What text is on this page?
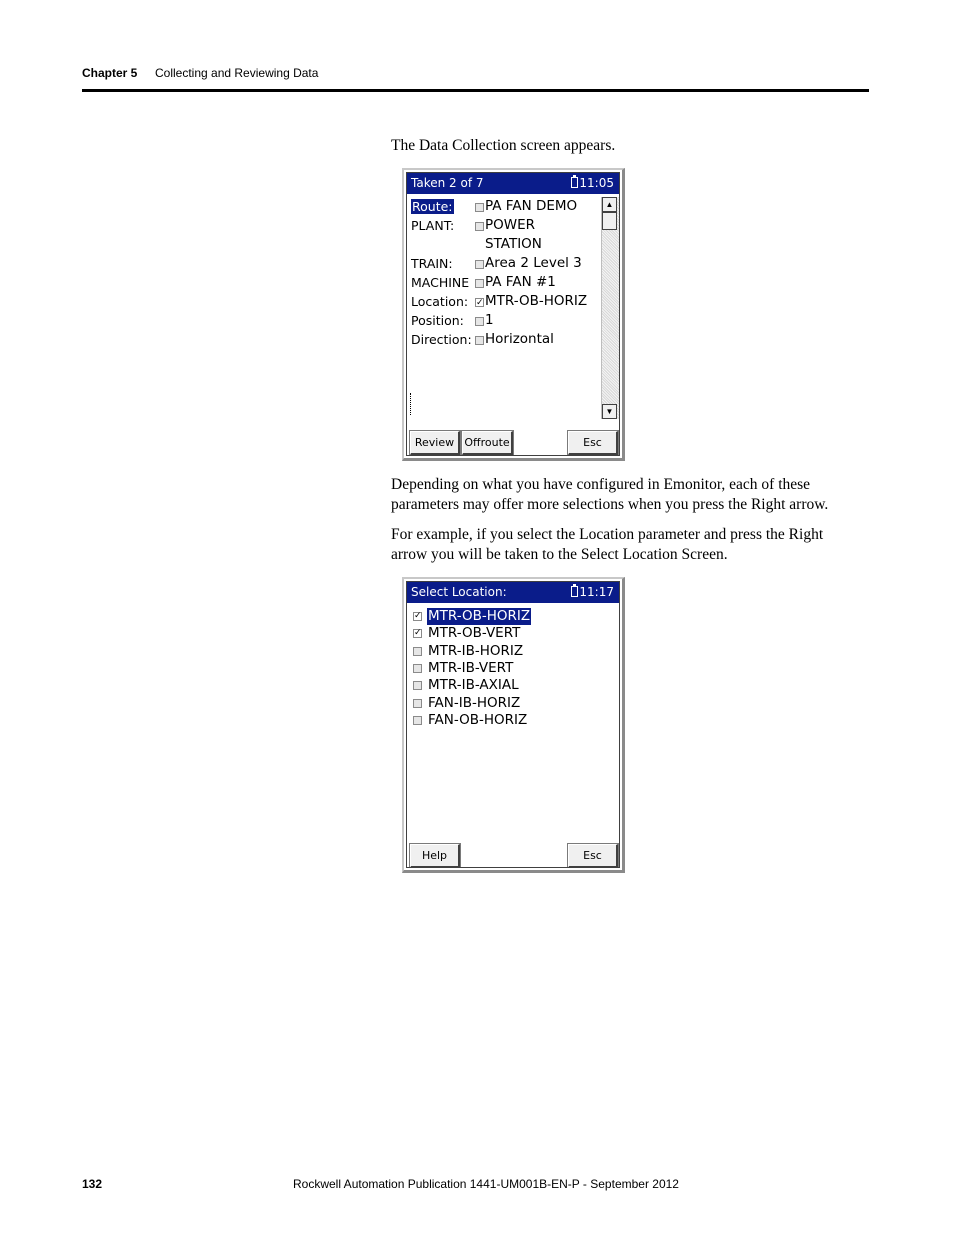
Chapter 5 Collecting and Reviewing Data
The Data Collection screen appears.
Taken 2 of 7	11:05
Route: PA FAN DEMO
PLANT: POWER
STATION
TRAIN: Area 2 Level 3
MACHINE PA FAN #1
Location: ✓ MTR-OB-HORIZ
Position: 1
Direction: Horizontal
▲
▼
Review Offroute	Esc
Depending on what you have configured in Emonitor, each of these parameters may offer more selections when you press the Right arrow.
For example, if you select the Location parameter and press the Right arrow you will be taken to the Select Location Screen.
Select Location:	11:17
✓ MTR-OB-HORIZ
✓ MTR-OB-VERT
MTR-IB-HORIZ
MTR-IB-VERT
MTR-IB-AXIAL
FAN-IB-HORIZ
FAN-OB-HORIZ
Help	Esc
132	Rockwell Automation Publication 1441-UM001B-EN-P - September 2012
